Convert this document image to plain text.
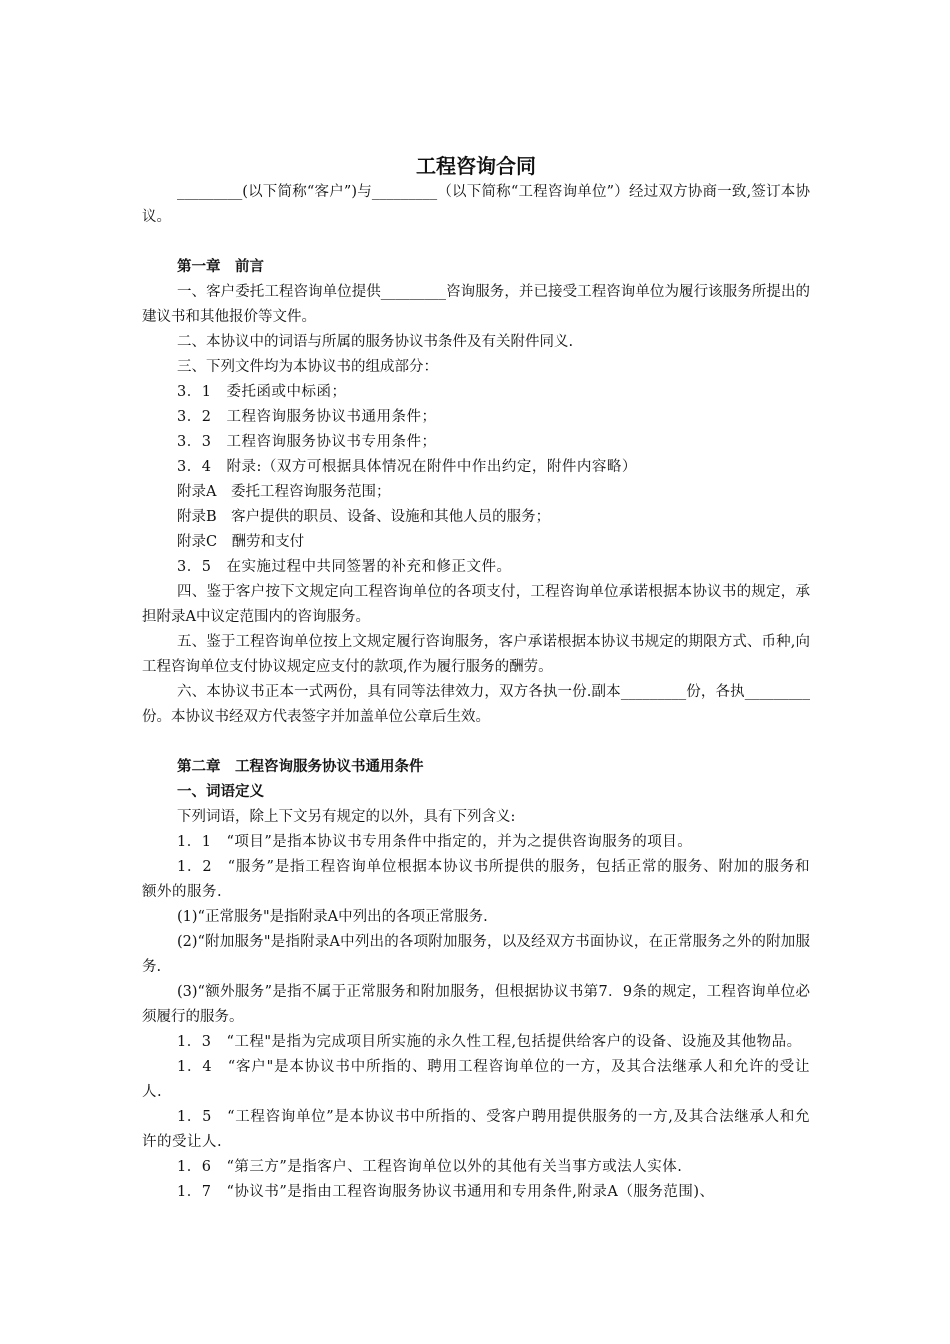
工程咨询合同

_________(以下简称“客户”)与_________（以下简称“工程咨询单位”）经过双方协商一致,签订本协议。

第一章　前言

一、客户委托工程咨询单位提供_________咨询服务，并已接受工程咨询单位为履行该服务所提出的建议书和其他报价等文件。

二、本协议中的词语与所属的服务协议书条件及有关附件同义.

三、下列文件均为本协议书的组成部分：

3．1　委托函或中标函；

3．2　工程咨询服务协议书通用条件；

3．3　工程咨询服务协议书专用条件；

3．4　附录:（双方可根据具体情况在附件中作出约定，附件内容略）

附录A　委托工程咨询服务范围；

附录B　客户提供的职员、设备、设施和其他人员的服务；

附录C　酬劳和支付

3．5　在实施过程中共同签署的补充和修正文件。

四、鉴于客户按下文规定向工程咨询单位的各项支付，工程咨询单位承诺根据本协议书的规定，承担附录A中议定范围内的咨询服务。

五、鉴于工程咨询单位按上文规定履行咨询服务，客户承诺根据本协议书规定的期限方式、币种,向工程咨询单位支付协议规定应支付的款项,作为履行服务的酬劳。

六、本协议书正本一式两份，具有同等法律效力，双方各执一份.副本_________份，各执_________份。本协议书经双方代表签字并加盖单位公章后生效。

第二章　工程咨询服务协议书通用条件

一、词语定义

下列词语，除上下文另有规定的以外，具有下列含义:

1．1　“项目”是指本协议书专用条件中指定的，并为之提供咨询服务的项目。

1．2　“服务”是指工程咨询单位根据本协议书所提供的服务，包括正常的服务、附加的服务和额外的服务.

(1)“正常服务"是指附录A中列出的各项正常服务.

(2)“附加服务"是指附录A中列出的各项附加服务，以及经双方书面协议，在正常服务之外的附加服务.

(3)“额外服务”是指不属于正常服务和附加服务，但根据协议书第7．9条的规定，工程咨询单位必须履行的服务。

1．3　“工程"是指为完成项目所实施的永久性工程,包括提供给客户的设备、设施及其他物品。

1．4　“客户"是本协议书中所指的、聘用工程咨询单位的一方，及其合法继承人和允许的受让人.

1．5　“工程咨询单位”是本协议书中所指的、受客户聘用提供服务的一方,及其合法继承人和允许的受让人.

1．6　“第三方”是指客户、工程咨询单位以外的其他有关当事方或法人实体.

1．7　“协议书”是指由工程咨询服务协议书通用和专用条件,附录A（服务范围)、
